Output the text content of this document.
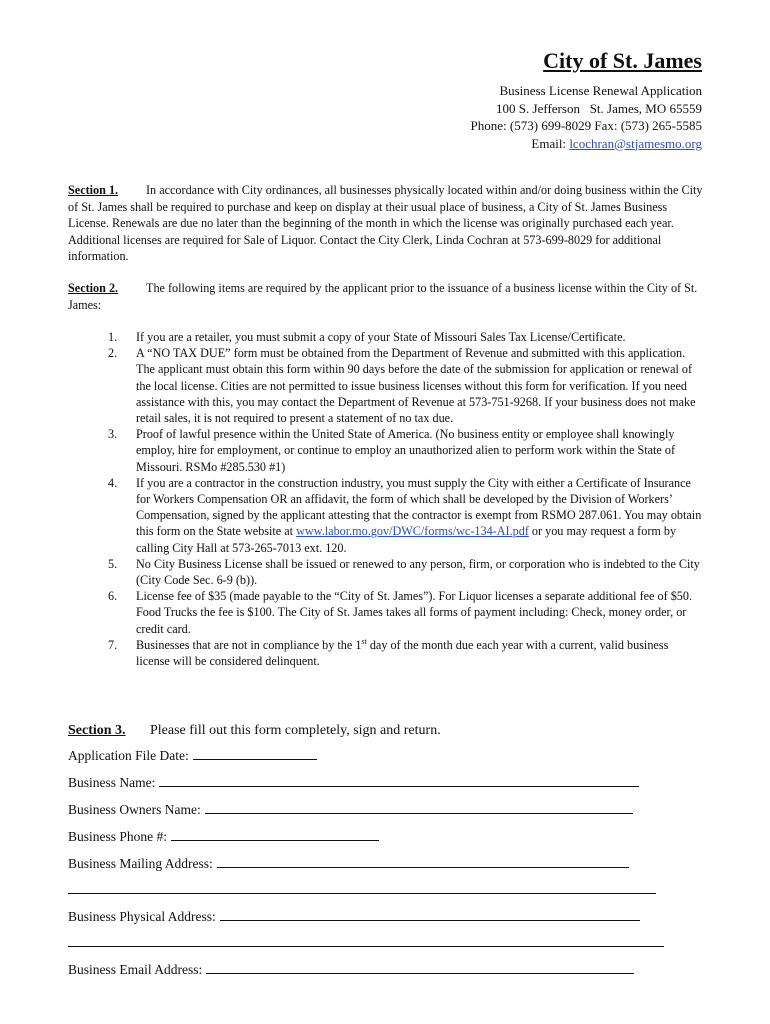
City of St. James
Business License Renewal Application
100 S. Jefferson   St. James, MO 65559
Phone: (573) 699-8029 Fax: (573) 265-5585
Email: lcochran@stjamesmo.org
Section 1. In accordance with City ordinances, all businesses physically located within and/or doing business within the City of St. James shall be required to purchase and keep on display at their usual place of business, a City of St. James Business License. Renewals are due no later than the beginning of the month in which the license was originally purchased each year. Additional licenses are required for Sale of Liquor. Contact the City Clerk, Linda Cochran at 573-699-8029 for additional information.
Section 2. The following items are required by the applicant prior to the issuance of a business license within the City of St. James:
1. If you are a retailer, you must submit a copy of your State of Missouri Sales Tax License/Certificate.
2. A “NO TAX DUE” form must be obtained from the Department of Revenue and submitted with this application. The applicant must obtain this form within 90 days before the date of the submission for application or renewal of the local license. Cities are not permitted to issue business licenses without this form for verification. If you need assistance with this, you may contact the Department of Revenue at 573-751-9268. If your business does not make retail sales, it is not required to present a statement of no tax due.
3. Proof of lawful presence within the United State of America. (No business entity or employee shall knowingly employ, hire for employment, or continue to employ an unauthorized alien to perform work within the State of Missouri. RSMo #285.530 #1)
4. If you are a contractor in the construction industry, you must supply the City with either a Certificate of Insurance for Workers Compensation OR an affidavit, the form of which shall be developed by the Division of Workers’ Compensation, signed by the applicant attesting that the contractor is exempt from RSMO 287.061. You may obtain this form on the State website at www.labor.mo.gov/DWC/forms/wc-134-AI.pdf or you may request a form by calling City Hall at 573-265-7013 ext. 120.
5. No City Business License shall be issued or renewed to any person, firm, or corporation who is indebted to the City (City Code Sec. 6-9 (b)).
6. License fee of $35 (made payable to the “City of St. James”). For Liquor licenses a separate additional fee of $50. Food Trucks the fee is $100. The City of St. James takes all forms of payment including: Check, money order, or credit card.
7. Businesses that are not in compliance by the 1st day of the month due each year with a current, valid business license will be considered delinquent.
Section 3. Please fill out this form completely, sign and return.
Application File Date:
Business Name:
Business Owners Name:
Business Phone #:
Business Mailing Address:
Business Physical Address:
Business Email Address:
